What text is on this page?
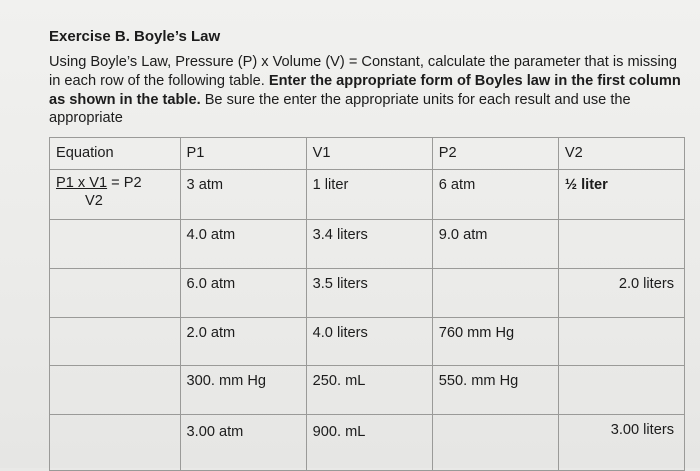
Exercise B. Boyle’s Law
Using Boyle’s Law, Pressure (P) x Volume (V) = Constant, calculate the parameter that is missing in each row of the following table. Enter the appropriate form of Boyles law in the first column as shown in the table. Be sure the enter the appropriate units for each result and use the appropriate
Equation	P1	V1	P2	V2

P1 x V1 = P2
V2	3 atm	1 liter	6 atm	½ liter

	4.0 atm	3.4 liters	9.0 atm	

	6.0 atm	3.5 liters		2.0 liters

	2.0 atm	4.0 liters	760 mm Hg	

	300. mm Hg	250. mL	550. mm Hg	

	3.00 atm	900. mL		3.00 liters
